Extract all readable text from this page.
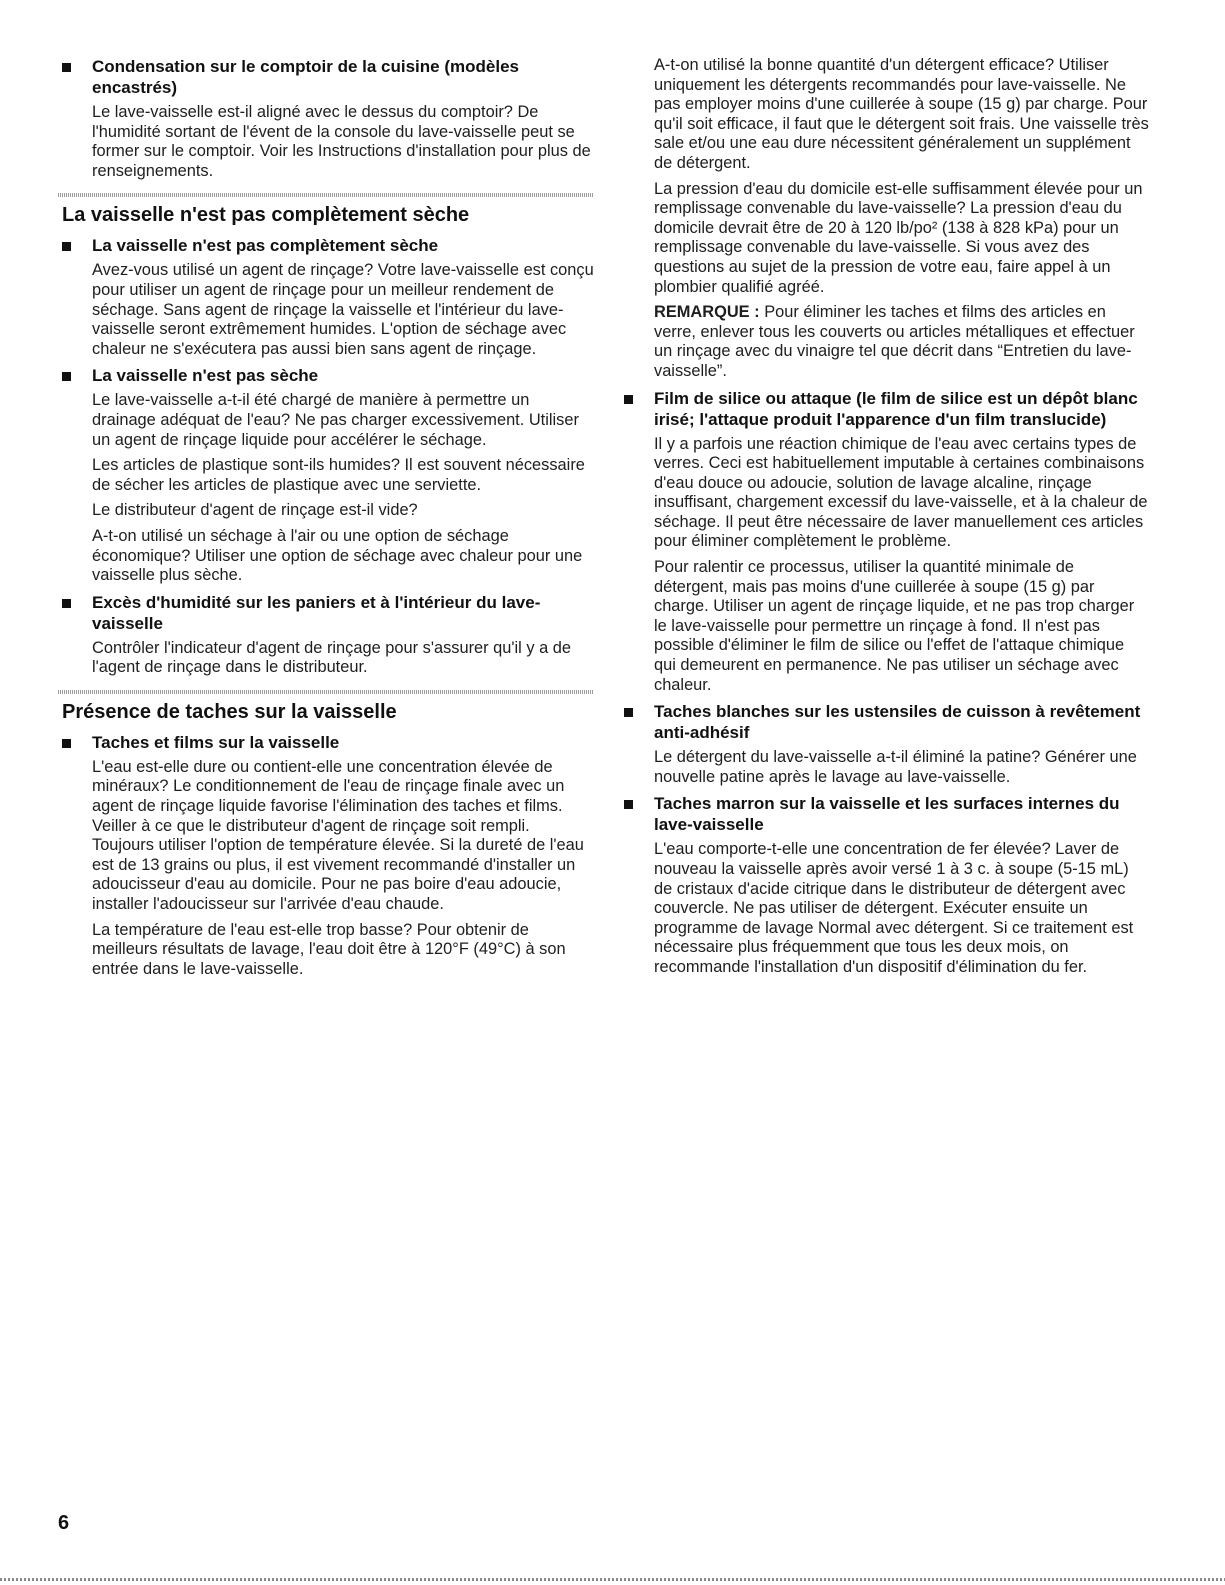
Condensation sur le comptoir de la cuisine (modèles encastrés)

Le lave-vaisselle est-il aligné avec le dessus du comptoir? De l'humidité sortant de l'évent de la console du lave-vaisselle peut se former sur le comptoir. Voir les Instructions d'installation pour plus de renseignements.

La vaisselle n'est pas complètement sèche
La vaisselle n'est pas complètement sèche

Avez-vous utilisé un agent de rinçage? Votre lave-vaisselle est conçu pour utiliser un agent de rinçage pour un meilleur rendement de séchage. Sans agent de rinçage la vaisselle et l'intérieur du lave-vaisselle seront extrêmement humides. L'option de séchage avec chaleur ne s'exécutera pas aussi bien sans agent de rinçage.

La vaisselle n'est pas sèche

Le lave-vaisselle a-t-il été chargé de manière à permettre un drainage adéquat de l'eau? Ne pas charger excessivement. Utiliser un agent de rinçage liquide pour accélérer le séchage.

Les articles de plastique sont-ils humides? Il est souvent nécessaire de sécher les articles de plastique avec une serviette.

Le distributeur d'agent de rinçage est-il vide?

A-t-on utilisé un séchage à l'air ou une option de séchage économique? Utiliser une option de séchage avec chaleur pour une vaisselle plus sèche.

Excès d'humidité sur les paniers et à l'intérieur du lave-vaisselle

Contrôler l'indicateur d'agent de rinçage pour s'assurer qu'il y a de l'agent de rinçage dans le distributeur.

Présence de taches sur la vaisselle
Taches et films sur la vaisselle

L'eau est-elle dure ou contient-elle une concentration élevée de minéraux? Le conditionnement de l'eau de rinçage finale avec un agent de rinçage liquide favorise l'élimination des taches et films. Veiller à ce que le distributeur d'agent de rinçage soit rempli. Toujours utiliser l'option de température élevée. Si la dureté de l'eau est de 13 grains ou plus, il est vivement recommandé d'installer un adoucisseur d'eau au domicile. Pour ne pas boire d'eau adoucie, installer l'adoucisseur sur l'arrivée d'eau chaude.

La température de l'eau est-elle trop basse? Pour obtenir de meilleurs résultats de lavage, l'eau doit être à 120°F (49°C) à son entrée dans le lave-vaisselle.

A-t-on utilisé la bonne quantité d'un détergent efficace? Utiliser uniquement les détergents recommandés pour lave-vaisselle. Ne pas employer moins d'une cuillerée à soupe (15 g) par charge. Pour qu'il soit efficace, il faut que le détergent soit frais. Une vaisselle très sale et/ou une eau dure nécessitent généralement un supplément de détergent.

La pression d'eau du domicile est-elle suffisamment élevée pour un remplissage convenable du lave-vaisselle? La pression d'eau du domicile devrait être de 20 à 120 lb/po² (138 à 828 kPa) pour un remplissage convenable du lave-vaisselle. Si vous avez des questions au sujet de la pression de votre eau, faire appel à un plombier qualifié agréé.

REMARQUE : Pour éliminer les taches et films des articles en verre, enlever tous les couverts ou articles métalliques et effectuer un rinçage avec du vinaigre tel que décrit dans “Entretien du lave-vaisselle”.

Film de silice ou attaque (le film de silice est un dépôt blanc irisé; l'attaque produit l'apparence d'un film translucide)

Il y a parfois une réaction chimique de l'eau avec certains types de verres. Ceci est habituellement imputable à certaines combinaisons d'eau douce ou adoucie, solution de lavage alcaline, rinçage insuffisant, chargement excessif du lave-vaisselle, et à la chaleur de séchage. Il peut être nécessaire de laver manuellement ces articles pour éliminer complètement le problème.

Pour ralentir ce processus, utiliser la quantité minimale de détergent, mais pas moins d'une cuillerée à soupe (15 g) par charge. Utiliser un agent de rinçage liquide, et ne pas trop charger le lave-vaisselle pour permettre un rinçage à fond. Il n'est pas possible d'éliminer le film de silice ou l'effet de l'attaque chimique qui demeurent en permanence. Ne pas utiliser un séchage avec chaleur.

Taches blanches sur les ustensiles de cuisson à revêtement anti-adhésif

Le détergent du lave-vaisselle a-t-il éliminé la patine? Générer une nouvelle patine après le lavage au lave-vaisselle.

Taches marron sur la vaisselle et les surfaces internes du lave-vaisselle

L'eau comporte-t-elle une concentration de fer élevée? Laver de nouveau la vaisselle après avoir versé 1 à 3 c. à soupe (5-15 mL) de cristaux d'acide citrique dans le distributeur de détergent avec couvercle. Ne pas utiliser de détergent. Exécuter ensuite un programme de lavage Normal avec détergent. Si ce traitement est nécessaire plus fréquemment que tous les deux mois, on recommande l'installation d'un dispositif d'élimination du fer.

6
